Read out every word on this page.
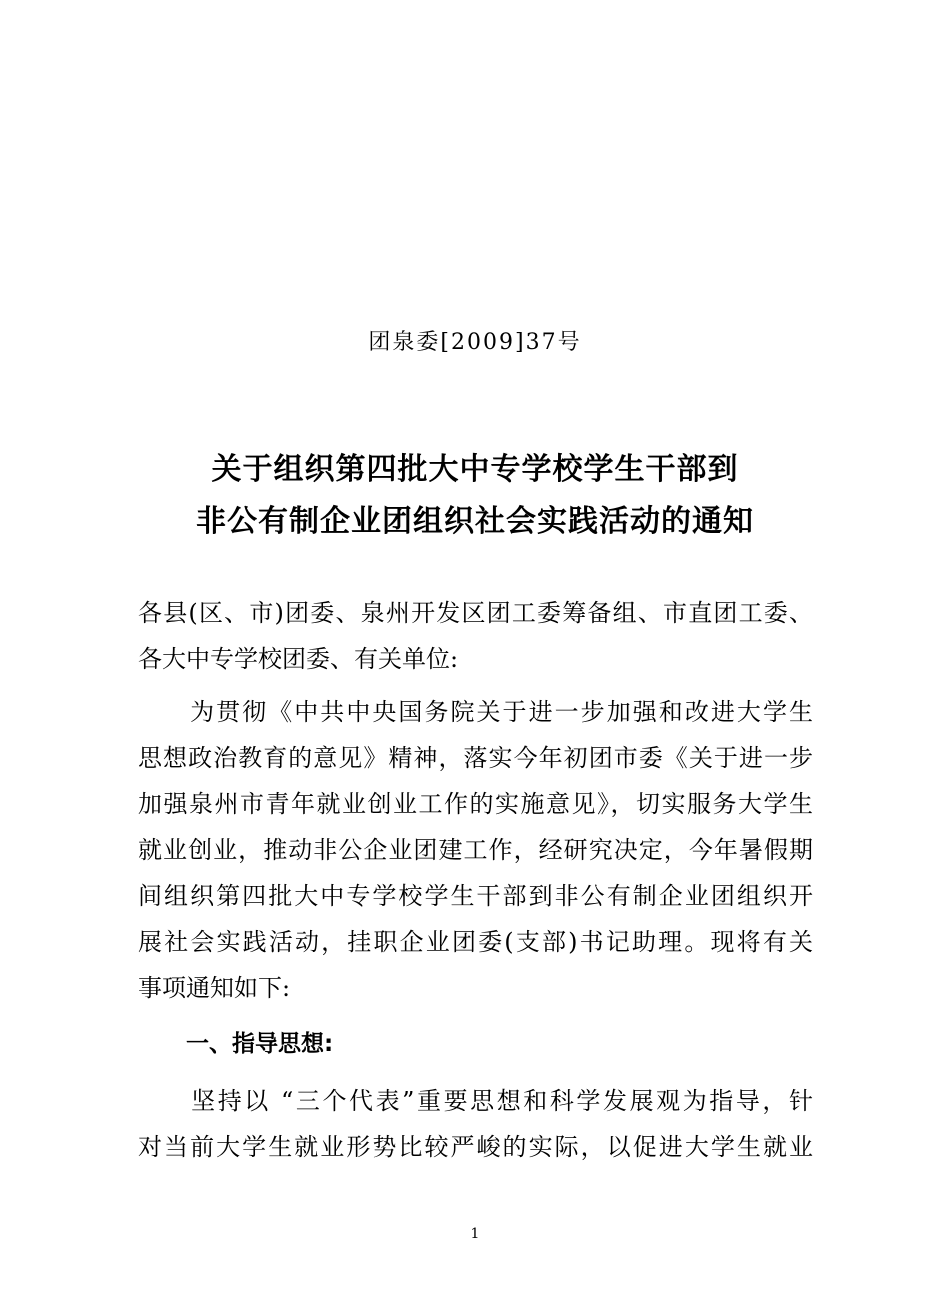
团泉委[2009]37号
关于组织第四批大中专学校学生干部到
非公有制企业团组织社会实践活动的通知

各县(区、市)团委、泉州开发区团工委筹备组、市直团工委、

各大中专学校团委、有关单位:

　　为贯彻《中共中央国务院关于进一步加强和改进大学生

思想政治教育的意见》精神，落实今年初团市委《关于进一步

加强泉州市青年就业创业工作的实施意见》，切实服务大学生

就业创业，推动非公企业团建工作，经研究决定，今年暑假期

间组织第四批大中专学校学生干部到非公有制企业团组织开

展社会实践活动，挂职企业团委(支部)书记助理。现将有关

事项通知如下:

一、指导思想:

　　坚持以 “三个代表”重要思想和科学发展观为指导，针

对当前大学生就业形势比较严峻的实际，以促进大学生就业

1
